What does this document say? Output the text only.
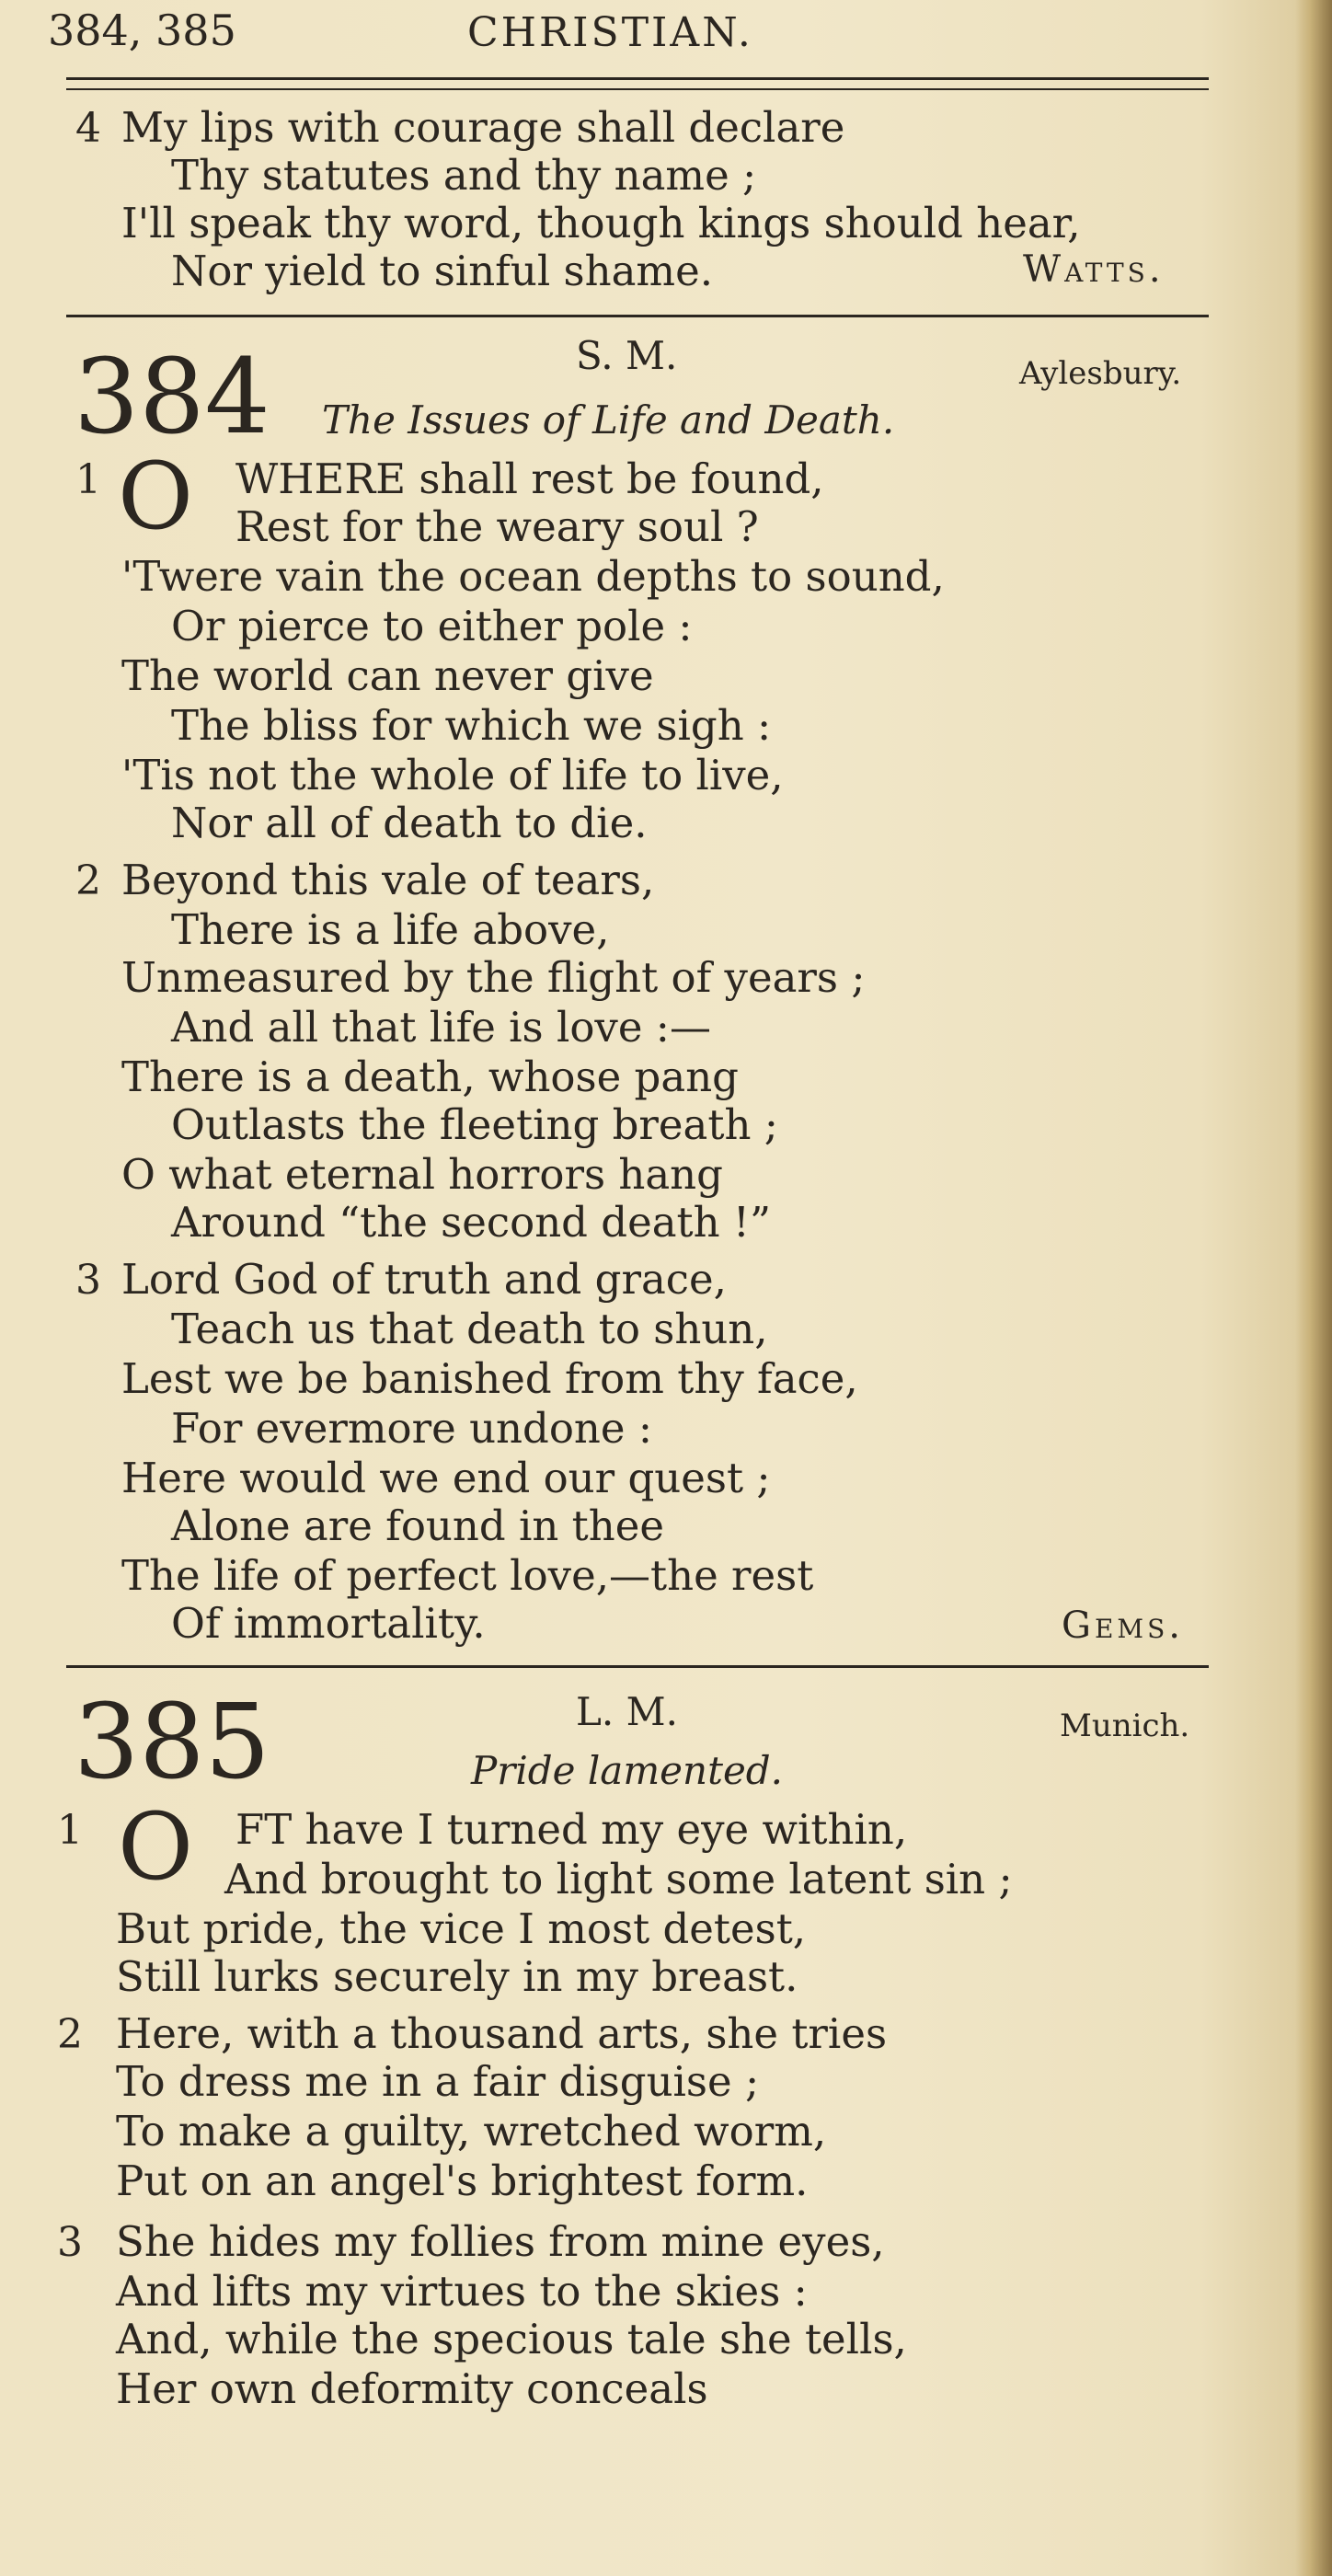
384, 385	CHRISTIAN.
4 My lips with courage shall declare
Thy statutes and thy name ;
I'll speak thy word, though kings should hear,
Nor yield to sinful shame.	Watts.
384	S. M.	Aylesbury.
The Issues of Life and Death.
1 O WHERE shall rest be found,
Rest for the weary soul ?
'Twere vain the ocean depths to sound,
Or pierce to either pole :
The world can never give
The bliss for which we sigh :
'Tis not the whole of life to live,
Nor all of death to die.
2 Beyond this vale of tears,
There is a life above,
Unmeasured by the flight of years ;
And all that life is love :—
There is a death, whose pang
Outlasts the fleeting breath ;
O what eternal horrors hang
Around “the second death !”
3 Lord God of truth and grace,
Teach us that death to shun,
Lest we be banished from thy face,
For evermore undone :
Here would we end our quest ;
Alone are found in thee
The life of perfect love,—the rest
Of immortality.	Gems.
385	L. M.	Munich.
Pride lamented.
1 O FT have I turned my eye within,
And brought to light some latent sin ;
But pride, the vice I most detest,
Still lurks securely in my breast.
2 Here, with a thousand arts, she tries
To dress me in a fair disguise ;
To make a guilty, wretched worm,
Put on an angel's brightest form.
3 She hides my follies from mine eyes,
And lifts my virtues to the skies :
And, while the specious tale she tells,
Her own deformity conceals
